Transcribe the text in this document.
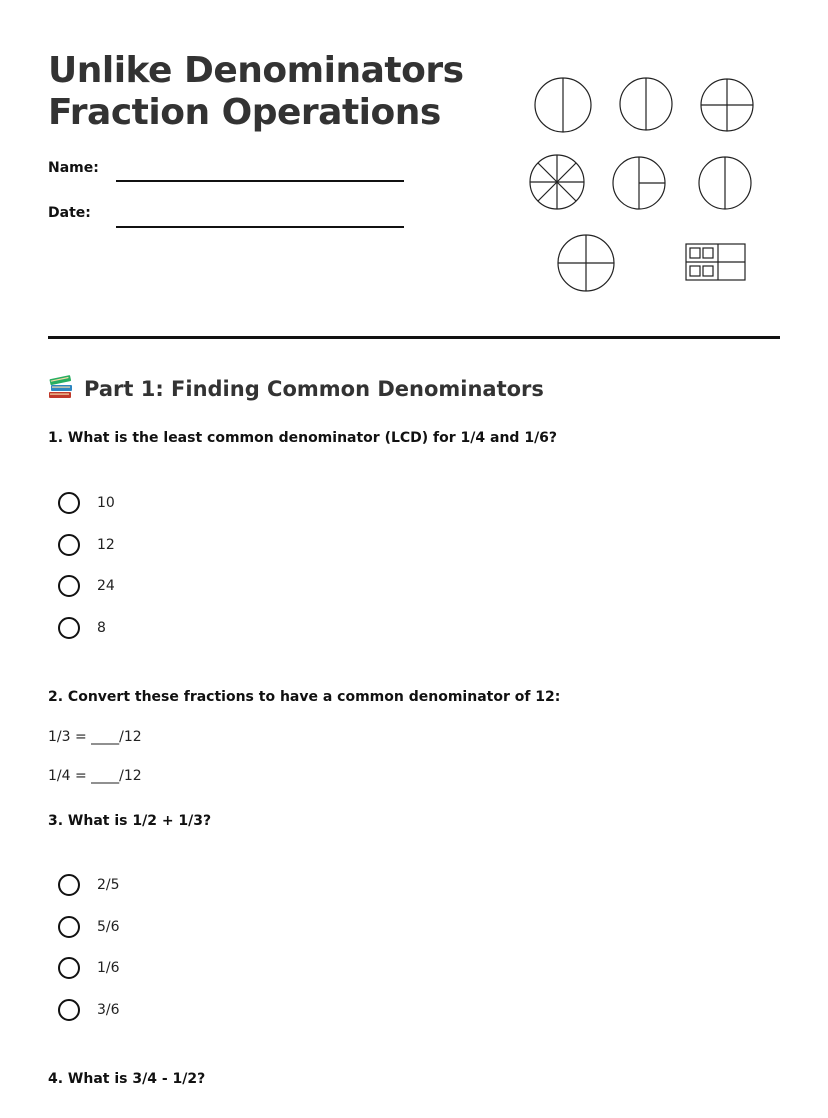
Unlike Denominators
Fraction Operations
Name:
Date:
Part 1: Finding Common Denominators

1. What is the least common denominator (LCD) for 1/4 and 1/6?

10
12
24
8

2. Convert these fractions to have a common denominator of 12:

1/3 = ____/12
1/4 = ____/12

3. What is 1/2 + 1/3?

2/5
5/6
1/6
3/6

4. What is 3/4 - 1/2?
